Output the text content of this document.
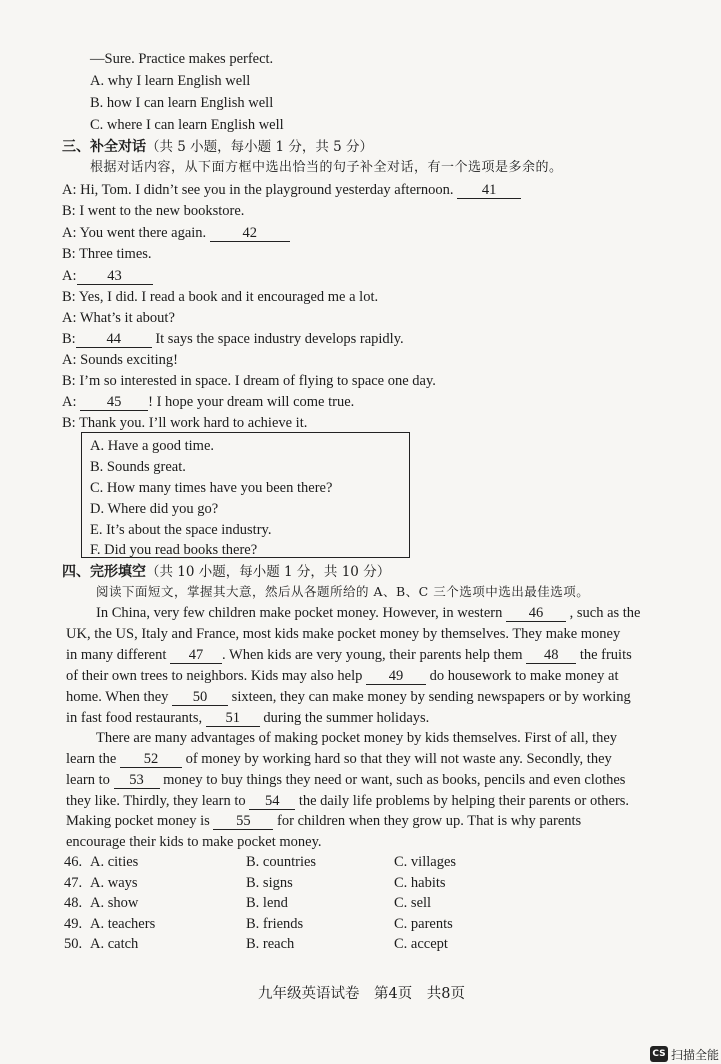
—Sure. Practice makes perfect.
A. why I learn English well
B. how I can learn English well
C. where I can learn English well
三、补全对话（共 5 小题，每小题 1 分，共 5 分）
根据对话内容，从下面方框中选出恰当的句子补全对话，有一个选项是多余的。
A: Hi, Tom. I didn’t see you in the playground yesterday afternoon. 41
B: I went to the new bookstore.
A: You went there again. 42
B: Three times.
A: 43
B: Yes, I did. I read a book and it encouraged me a lot.
A: What’s it about?
B: 44 It says the space industry develops rapidly.
A: Sounds exciting!
B: I’m so interested in space. I dream of flying to space one day.
A: 45 ! I hope your dream will come true.
B: Thank you. I’ll work hard to achieve it.
A. Have a good time.
B. Sounds great.
C. How many times have you been there?
D. Where did you go?
E. It’s about the space industry.
F. Did you read books there?
四、完形填空（共 10 小题，每小题 1 分，共 10 分）
阅读下面短文，掌握其大意，然后从各题所给的 A、B、C 三个选项中选出最佳选项。
In China, very few children make pocket money. However, in western 46 , such as the
UK, the US, Italy and France, most kids make pocket money by themselves. They make money
in many different 47 . When kids are very young, their parents help them 48 the fruits
of their own trees to neighbors. Kids may also help 49 do housework to make money at
home. When they 50 sixteen, they can make money by sending newspapers or by working
in fast food restaurants, 51 during the summer holidays.
There are many advantages of making pocket money by kids themselves. First of all, they
learn the 52 of money by working hard so that they will not waste any. Secondly, they
learn to 53 money to buy things they need or want, such as books, pencils and even clothes
they like. Thirdly, they learn to 54 the daily life problems by helping their parents or others.
Making pocket money is 55 for children when they grow up. That is why parents
encourage their kids to make pocket money.
46. A. cities	B. countries	C. villages
47. A. ways	B. signs	C. habits
48. A. show	B. lend	C. sell
49. A. teachers	B. friends	C. parents
50. A. catch	B. reach	C. accept
九年级英语试卷　第4页　共8页
CS 扫描全能
